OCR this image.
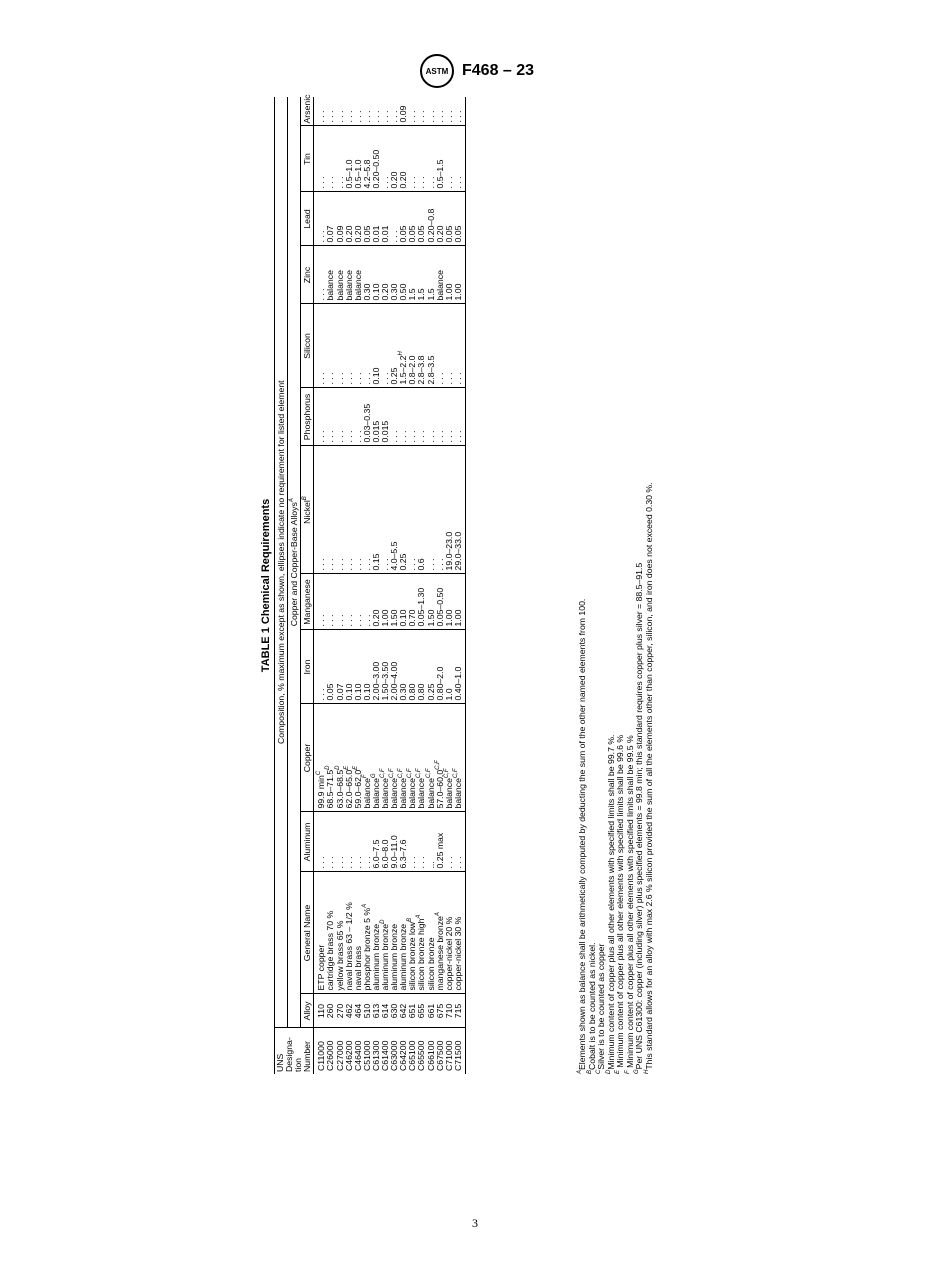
ASTM F468 – 23
TABLE 1 Chemical Requirements
UNS Designa- tion Number	Composition, % maximum except as shown, ellipses indicate no requirement for listed element												
	Copper and Copper-Base Alloys$^A$
	Alloy	General Name	Aluminum	Copper	Iron	Manganese	Nickel$^B$	Phosphorus	Silicon	Zinc	Lead	Tin	Arsenic
C11000	110	ETP copper	. . .	99.9 $\min^C$	. . .	. . .	. . .	. . .	. . .	. . .	. . .	. . .	. . .
C26000	260	cartridge brass 70 %	. . .	$68.5-71.5^D$	0.05	. . .	. . .	. . .	. . .	balance	0.07	. . .	. . .
C27000	270	yellow brass 65 %	. . .	$63.0-68.5^D$	0.07	. . .	. . .	. . .	. . .	balance	0.09	. . .	. . .
C46200	462	naval brass 63 – 1/2 %	. . .	$62.0-65.0^E$	0.10	. . .	. . .	. . .	. . .	balance	0.20	0.5–1.0	. . .
C46400	464	naval brass	. . .	$59.0-62.0^E$	0.10	. . .	. . .	. . .	. . .	balance	0.20	0.5–1.0	. . .
C51000	510	phosphor bronze 5 %$^A$	. . .	balance$^F$	0.10	. . .	. . .	0.03–0.35	. . .	0.30	0.05	4.2–5.8	. . .
C61300	613	aluminum bronze	6.0–7.5	balance$^G$	2.00–3.00	0.20	0.15	0.015	0.10	0.10	0.01	0.20–0.50	. . .
C61400	614	aluminum bronze$^D$	6.0–8.0	balance$^{C,F}$	1.50–3.50	1.00	. . .	0.015	. . .	0.20	0.01	. . .	. . .
C63000	630	aluminum bronze	9.0–11.0	balance$^{C,F}$	2.00–4.00	1.50	4.0–5.5	. . .	0.25	0.30	. . .	0.20	. . .
C64200	642	aluminum bronze	6.3–7.6	balance$^{C,F}$	0.30	0.10	0.25	. . .	$1.5-2.2^H$	0.50	0.05	0.20	0.09
C65100	651	silicon bronze low$^B$	. . .	balance$^{C,F}$	0.80	0.70	. . .	. . .	0.8–2.0	1.5	0.05	. . .	. . .
C65500	655	silicon bronze high$^A$	. . .	balance$^{C,F}$	0.80	0.05–1.30	0.6	. . .	2.8–3.8	1.5	0.05	. . .	. . .
C66100	661	silicon bronze	...	balance$^{C,F}$	0.25	1.50	. . .	. . .	2.8–3.5	1.5	0.20–0.8	. . .	. . .
C67500	675	manganese bronze$^A$	0.25 max	$57.0-60.0^{C,F}$	0.80–2.0	0.05–0.50	. . .	. . .	. . .	balance	0.20	0.5–1.5	. . .
C71000	710	copper-nickel 20 %	. . .	balance$^{C,F}$	1.0	1.00	19.0–23.0	. . .	. . .	1.00	0.05	. . .	. . .
C71500	715	copper-nickel 30 %	. . .	balance$^{C,F}$	0.40–1.0	1.00	29.0–33.0	. . .	. . .	1.00	0.05	. . .	. . .

$^A$Elements shown as balance shall be arithmetically computed by deducting the sum of the other named elements from 100.

$^B$Cobalt is to be counted as nickel.

$^C$Silver is to be counted as copper

$^D$Minimum content of copper plus all other elements with specified limits shall be 99.7 %.

$^E$ Minimum content of copper plus all other elements with specified limits shall be 99.6 %

$^F$ Minimum content of copper plus all other elements with specified limits shall be 99.5 %

$^G$Per UNS C61300: copper (including silver) plus specified elements = 99.8 min; this standard requires copper plus silver = 88.5–91.5

$^H$This standard allows for an alloy with max 2.6 % silicon provided the sum of all the elements other than copper, silicon, and iron does not exceed 0.30 %.

3
